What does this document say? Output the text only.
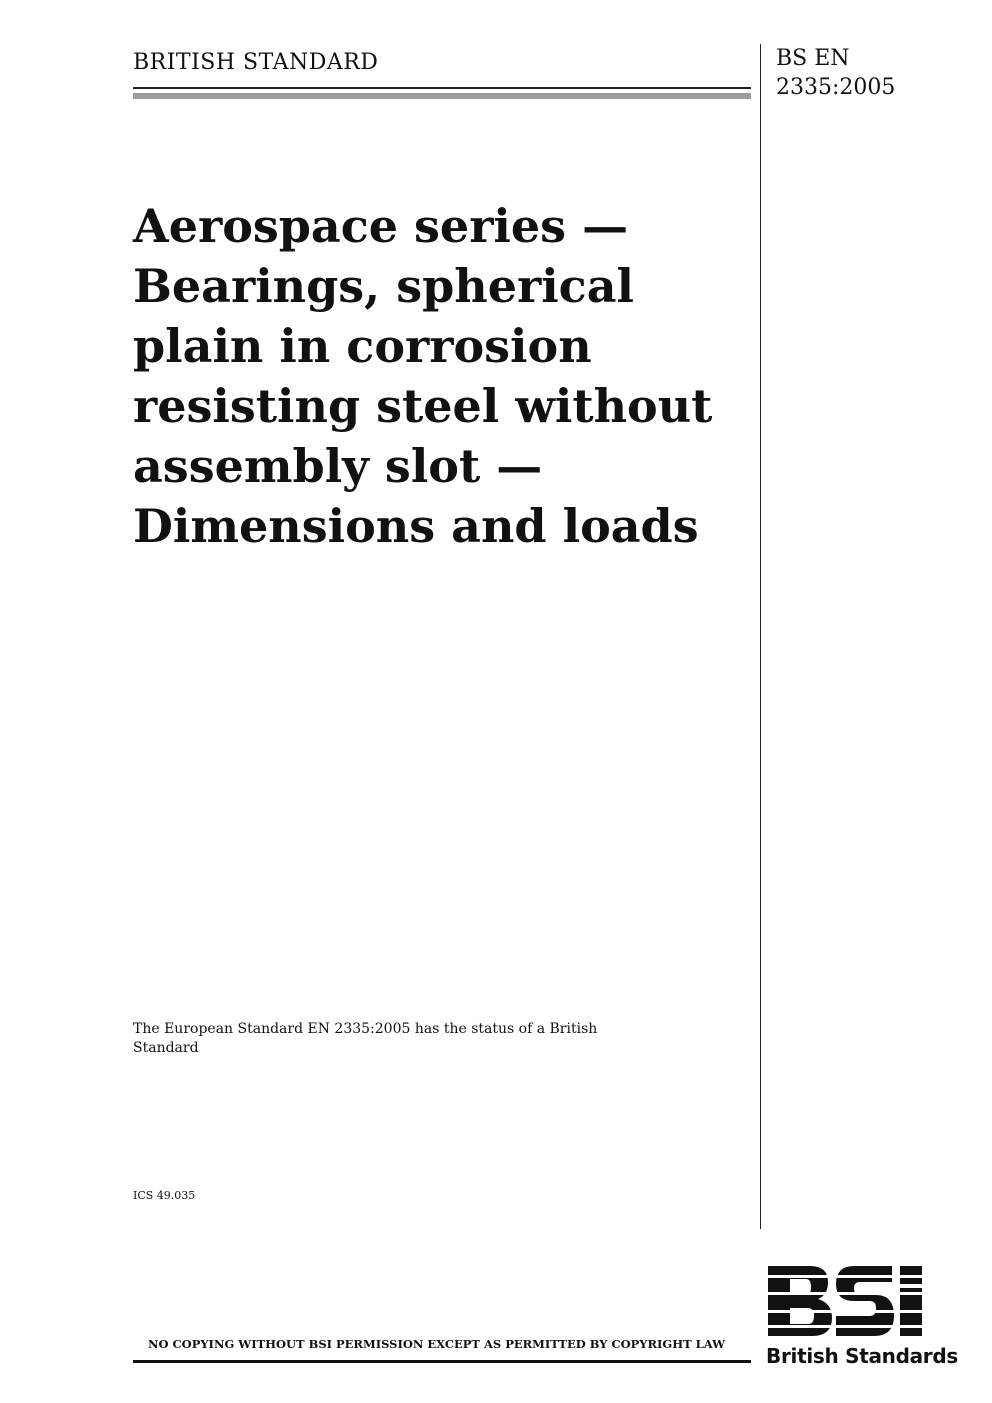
BRITISH STANDARD	BS EN
2335:2005
Aerospace series —
Bearings, spherical
plain in corrosion
resisting steel without
assembly slot —
Dimensions and loads
The European Standard EN 2335:2005 has the status of a British Standard
ICS 49.035
NO COPYING WITHOUT BSI PERMISSION EXCEPT AS PERMITTED BY COPYRIGHT LAW British Standards
